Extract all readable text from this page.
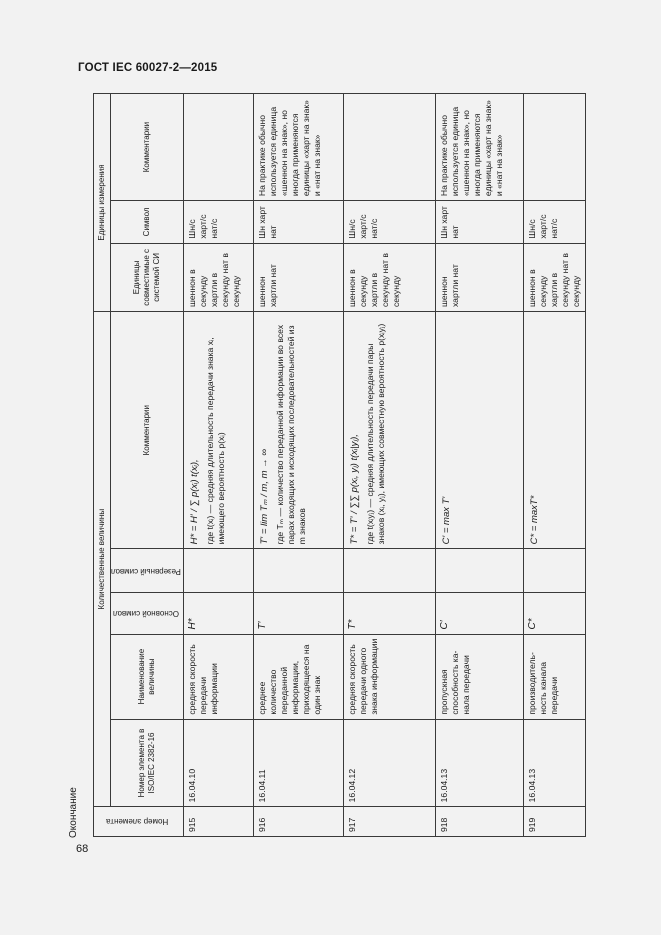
ГОСТ IEC 60027-2—2015
Окончание
68
Номер элемента	Количественные величины					Единицы измерения		
	Номер элемента в ISO/IEC 2382-16	Наименование величины	Основной символ	Резервный символ	Комментарии	Единицы совместимые с системой СИ	Символ	Комментарии
915	16.04.10	средняя скорость передачи информации	H*		H* = H′ / ∑ p(xᵢ) t(xᵢ), где t(xᵢ) — средняя длительность передачи знака xᵢ, имеющего вероятность p(xᵢ)	шеннон в секунду хартли в секунду нат в секунду	Шн/с харт/с нат/с	
916	16.04.11	среднее количество переданной информации, приходящееся на один знак	T′		T′ = lim Tₘ / m, m → ∞ где Tₘ — количество переданной информации во всех парах входящих и исходящих последовательностей из m знаков	шеннон хартли нат	Шн харт нат	На практике обычно используется единица «шеннон на знак», но иногда применяются единицы «харт на знак» и «нат на знак»
917	16.04.12	средняя скорость передачи одного знака информации	T*		T* = T′ / ∑∑ p(xᵢ, yⱼ) t(xᵢ|yⱼ), где t(xᵢyⱼ) — средняя длительность передачи пары знаков (xᵢ, yⱼ), имеющих совместную вероятность p(xᵢyⱼ)	шеннон в секунду хартли в секунду нат в секунду	Шн/с харт/с нат/с	
918	16.04.13	пропускная способность канала передачи	C′		C′ = max T′	шеннон хартли нат	Шн харт нат	На практике обычно используется единица «шеннон на знак», но иногда применяются единицы «харт на знак» и «нат на знак»
919	16.04.13	производительность канала передачи	C*		C* = maxT*	шеннон в секунду хартли в секунду нат в секунду	Шн/с харт/с нат/с	
